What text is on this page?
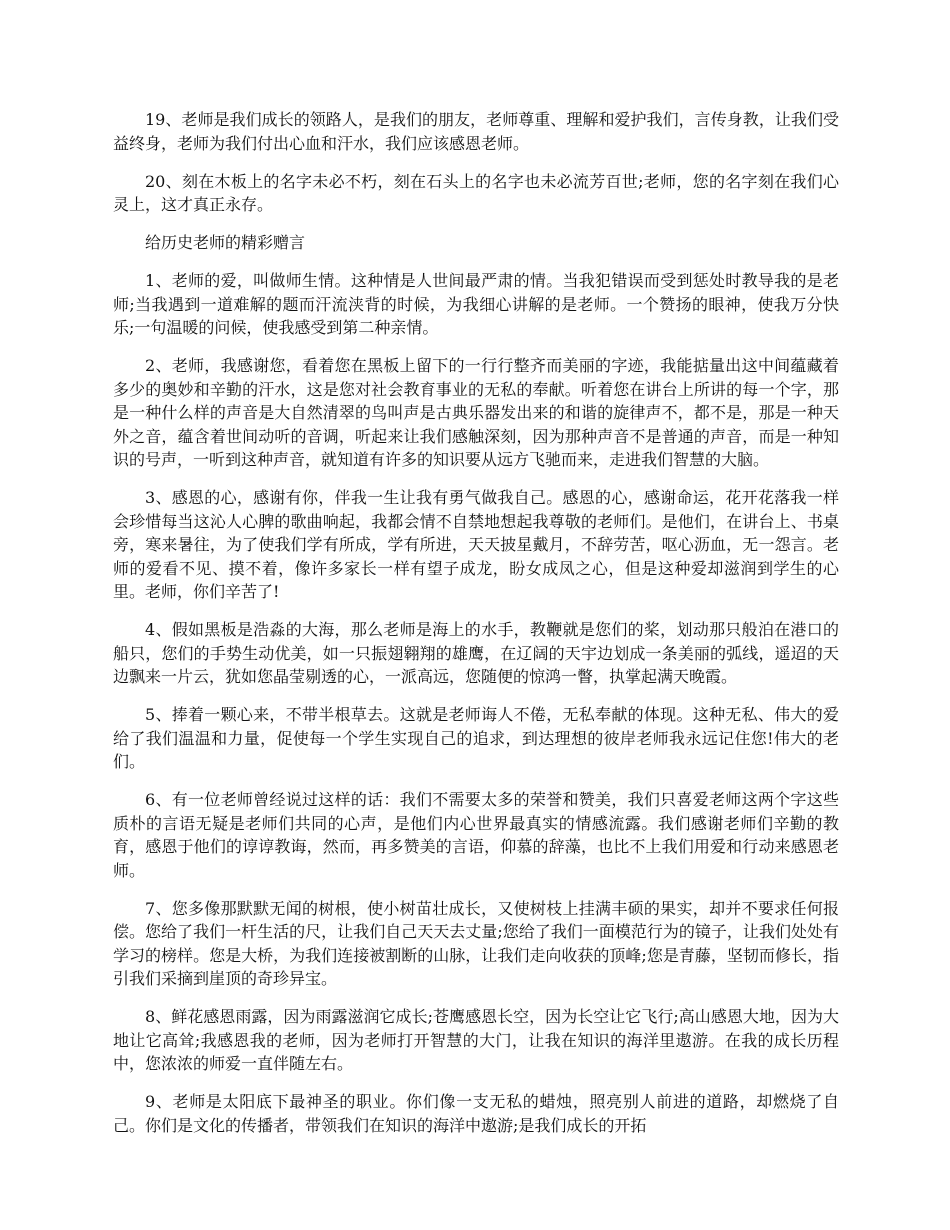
19、老师是我们成长的领路人，是我们的朋友，老师尊重、理解和爱护我们，言传身教，让我们受益终身，老师为我们付出心血和汗水，我们应该感恩老师。

20、刻在木板上的名字未必不朽，刻在石头上的名字也未必流芳百世;老师，您的名字刻在我们心灵上，这才真正永存。

给历史老师的精彩赠言

1、老师的爱，叫做师生情。这种情是人世间最严肃的情。当我犯错误而受到惩处时教导我的是老师;当我遇到一道难解的题而汗流浃背的时候，为我细心讲解的是老师。一个赞扬的眼神，使我万分快乐;一句温暖的问候，使我感受到第二种亲情。

2、老师，我感谢您，看着您在黑板上留下的一行行整齐而美丽的字迹，我能掂量出这中间蕴藏着多少的奥妙和辛勤的汗水，这是您对社会教育事业的无私的奉献。听着您在讲台上所讲的每一个字，那是一种什么样的声音是大自然清翠的鸟叫声是古典乐器发出来的和谐的旋律声不，都不是，那是一种天外之音，蕴含着世间动听的音调，听起来让我们感触深刻，因为那种声音不是普通的声音，而是一种知识的号声，一听到这种声音，就知道有许多的知识要从远方飞驰而来，走进我们智慧的大脑。

3、感恩的心，感谢有你，伴我一生让我有勇气做我自己。感恩的心，感谢命运，花开花落我一样会珍惜每当这沁人心脾的歌曲响起，我都会情不自禁地想起我尊敬的老师们。是他们，在讲台上、书桌旁，寒来暑往，为了使我们学有所成，学有所进，天天披星戴月，不辞劳苦，呕心沥血，无一怨言。老师的爱看不见、摸不着，像许多家长一样有望子成龙，盼女成凤之心，但是这种爱却滋润到学生的心里。老师，你们辛苦了!

4、假如黑板是浩淼的大海，那么老师是海上的水手，教鞭就是您们的桨，划动那只般泊在港口的船只，您们的手势生动优美，如一只振翅翱翔的雄鹰，在辽阔的天宇边划成一条美丽的弧线，遥迢的天边飘来一片云，犹如您晶莹剔透的心，一派高远，您随便的惊鸿一瞥，执掌起满天晚霞。

5、捧着一颗心来，不带半根草去。这就是老师诲人不倦，无私奉献的体现。这种无私、伟大的爱给了我们温温和力量，促使每一个学生实现自己的追求，到达理想的彼岸老师我永远记住您!伟大的老们。

6、有一位老师曾经说过这样的话：我们不需要太多的荣誉和赞美，我们只喜爱老师这两个字这些质朴的言语无疑是老师们共同的心声，是他们内心世界最真实的情感流露。我们感谢老师们辛勤的教育，感恩于他们的谆谆教诲，然而，再多赞美的言语，仰慕的辞藻，也比不上我们用爱和行动来感恩老师。

7、您多像那默默无闻的树根，使小树苗壮成长，又使树枝上挂满丰硕的果实，却并不要求任何报偿。您给了我们一杆生活的尺，让我们自己天天去丈量;您给了我们一面模范行为的镜子，让我们处处有学习的榜样。您是大桥，为我们连接被割断的山脉，让我们走向收获的顶峰;您是青藤，坚韧而修长，指引我们采摘到崖顶的奇珍异宝。

8、鲜花感恩雨露，因为雨露滋润它成长;苍鹰感恩长空，因为长空让它飞行;高山感恩大地，因为大地让它高耸;我感恩我的老师，因为老师打开智慧的大门，让我在知识的海洋里遨游。在我的成长历程中，您浓浓的师爱一直伴随左右。

9、老师是太阳底下最神圣的职业。你们像一支无私的蜡烛，照亮别人前进的道路，却燃烧了自己。你们是文化的传播者，带领我们在知识的海洋中遨游;是我们成长的开拓
